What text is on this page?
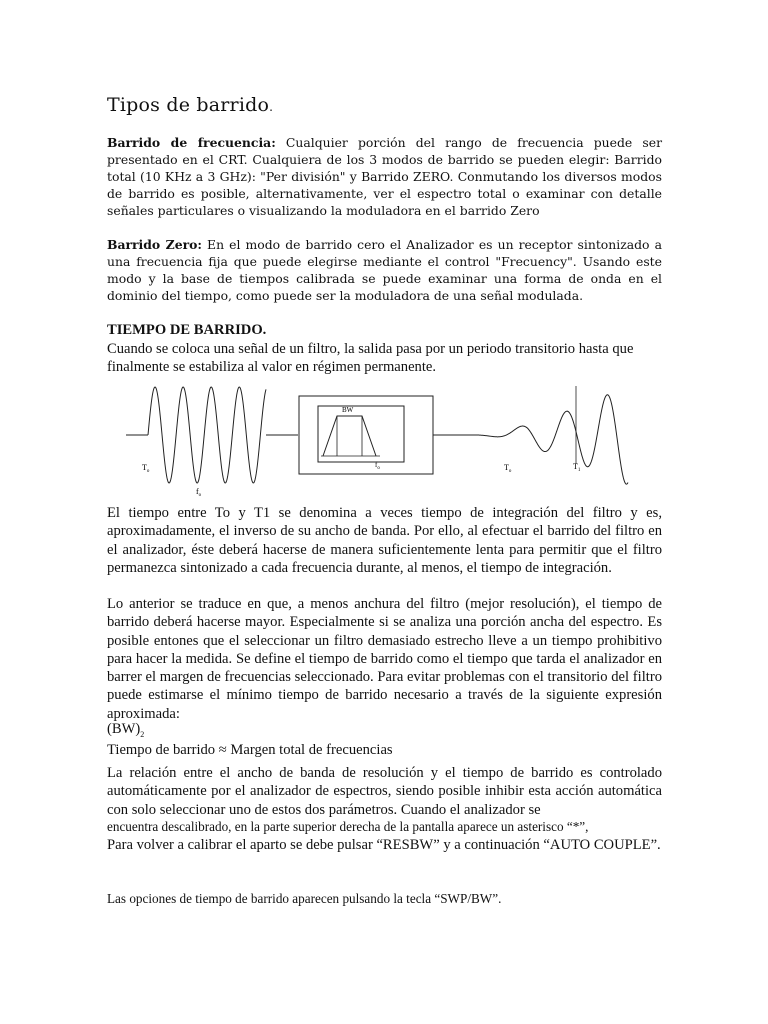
Tipos de barrido.

Barrido de frecuencia: Cualquier porción del rango de frecuencia puede ser presentado en el CRT. Cualquiera de los 3 modos de barrido se pueden elegir: Barrido total (10 KHz a 3 GHz): "Per división" y Barrido ZERO. Conmutando los diversos modos de barrido es posible, alternativamente, ver el espectro total o examinar con detalle señales particulares o visualizando la moduladora en el barrido Zero

Barrido Zero: En el modo de barrido cero el Analizador es un receptor sintonizado a una frecuencia fija que puede elegirse mediante el control "Frecuency". Usando este modo y la base de tiempos calibrada se puede examinar una forma de onda en el dominio del tiempo, como puede ser la moduladora de una señal modulada.

TIEMPO DE BARRIDO.

Cuando se coloca una señal de un filtro, la salida pasa por un periodo transitorio hasta que finalmente se estabiliza al valor en régimen permanente.

$T_o$
$f_o$
BW
$f_o$	$T_o$
$T_1$

El tiempo entre To y T1 se denomina a veces tiempo de integración del filtro y es, aproximadamente, el inverso de su ancho de banda. Por ello, al efectuar el barrido del filtro en el analizador, éste deberá hacerse de manera suficientemente lenta para permitir que el filtro permanezca sintonizado a cada frecuencia durante, al menos, el tiempo de integración.

Lo anterior se traduce en que, a menos anchura del filtro (mejor resolución), el tiempo de barrido deberá hacerse mayor. Especialmente si se analiza una porción ancha del espectro. Es posible entones que el seleccionar un filtro demasiado estrecho lleve a un tiempo prohibitivo para hacer la medida. Se define el tiempo de barrido como el tiempo que tarda el analizador en barrer el margen de frecuencias seleccionado. Para evitar problemas con el transitorio del filtro puede estimarse el mínimo tiempo de barrido necesario a través de la siguiente expresión aproximada:

$(BW)_2$

Tiempo de barrido ≈ Margen total de frecuencias

La relación entre el ancho de banda de resolución y el tiempo de barrido es controlado automáticamente por el analizador de espectros, siendo posible inhibir esta acción automática con solo seleccionar uno de estos dos parámetros. Cuando el analizador se

encuentra descalibrado, en la parte superior derecha de la pantalla aparece un asterisco “*”,

Para volver a calibrar el aparto se debe pulsar “RESBW” y a continuación “AUTO COUPLE”.

Las opciones de tiempo de barrido aparecen pulsando la tecla “SWP/BW”.
